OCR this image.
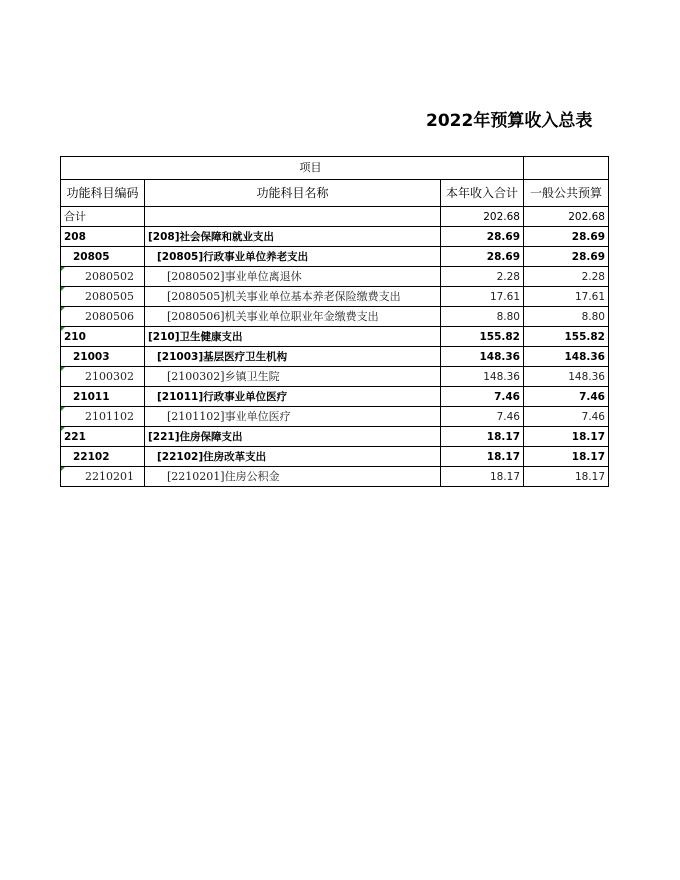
2022年预算收入总表
项目			
功能科目编码	功能科目名称	本年收入合计	一般公共预算
合计		202.68	202.68
208	[208]社会保障和就业支出	28.69	28.69
20805	[20805]行政事业单位养老支出	28.69	28.69
2080502	[2080502]事业单位离退休	2.28	2.28
2080505	[2080505]机关事业单位基本养老保险缴费支出	17.61	17.61
2080506	[2080506]机关事业单位职业年金缴费支出	8.80	8.80
210	[210]卫生健康支出	155.82	155.82
21003	[21003]基层医疗卫生机构	148.36	148.36
2100302	[2100302]乡镇卫生院	148.36	148.36
21011	[21011]行政事业单位医疗	7.46	7.46
2101102	[2101102]事业单位医疗	7.46	7.46
221	[221]住房保障支出	18.17	18.17
22102	[22102]住房改革支出	18.17	18.17
2210201	[2210201]住房公积金	18.17	18.17
